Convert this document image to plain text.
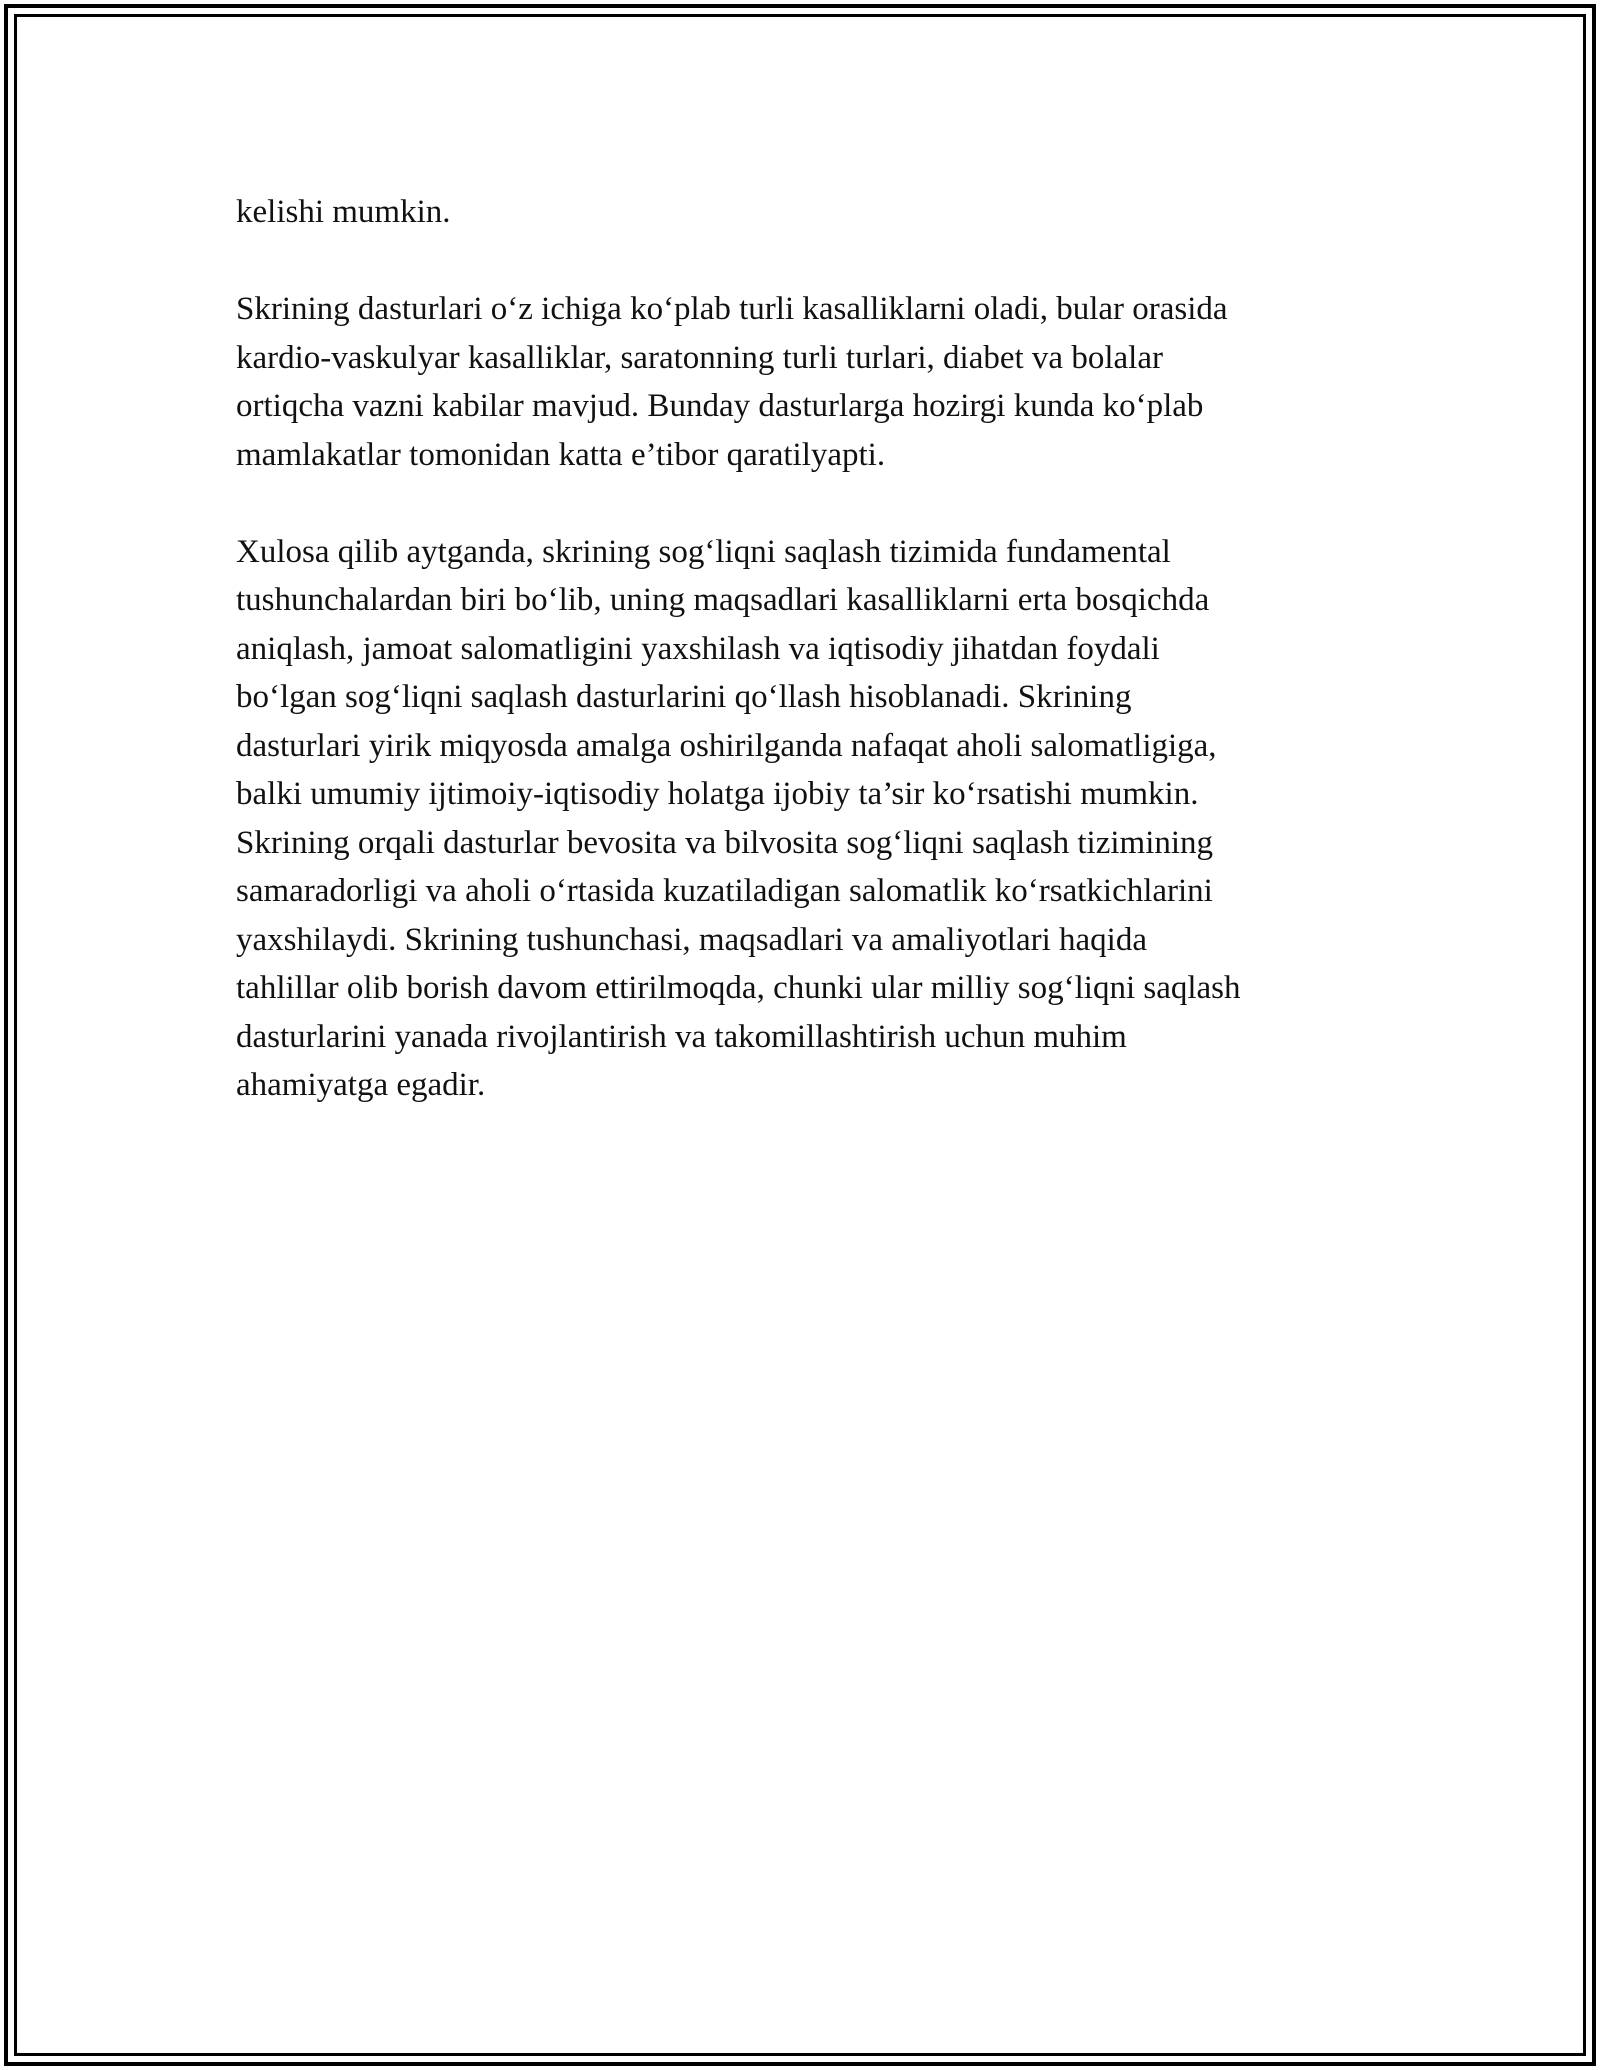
kelishi mumkin.

Skrining dasturlari o‘z ichiga ko‘plab turli kasalliklarni oladi, bular orasida
kardio-vaskulyar kasalliklar, saratonning turli turlari, diabet va bolalar
ortiqcha vazni kabilar mavjud. Bunday dasturlarga hozirgi kunda ko‘plab
mamlakatlar tomonidan katta e’tibor qaratilyapti.

Xulosa qilib aytganda, skrining sog‘liqni saqlash tizimida fundamental
tushunchalardan biri bo‘lib, uning maqsadlari kasalliklarni erta bosqichda
aniqlash, jamoat salomatligini yaxshilash va iqtisodiy jihatdan foydali
bo‘lgan sog‘liqni saqlash dasturlarini qo‘llash hisoblanadi. Skrining
dasturlari yirik miqyosda amalga oshirilganda nafaqat aholi salomatligiga,
balki umumiy ijtimoiy-iqtisodiy holatga ijobiy ta’sir ko‘rsatishi mumkin.
Skrining orqali dasturlar bevosita va bilvosita sog‘liqni saqlash tizimining
samaradorligi va aholi o‘rtasida kuzatiladigan salomatlik ko‘rsatkichlarini
yaxshilaydi. Skrining tushunchasi, maqsadlari va amaliyotlari haqida
tahlillar olib borish davom ettirilmoqda, chunki ular milliy sog‘liqni saqlash
dasturlarini yanada rivojlantirish va takomillashtirish uchun muhim
ahamiyatga egadir.
